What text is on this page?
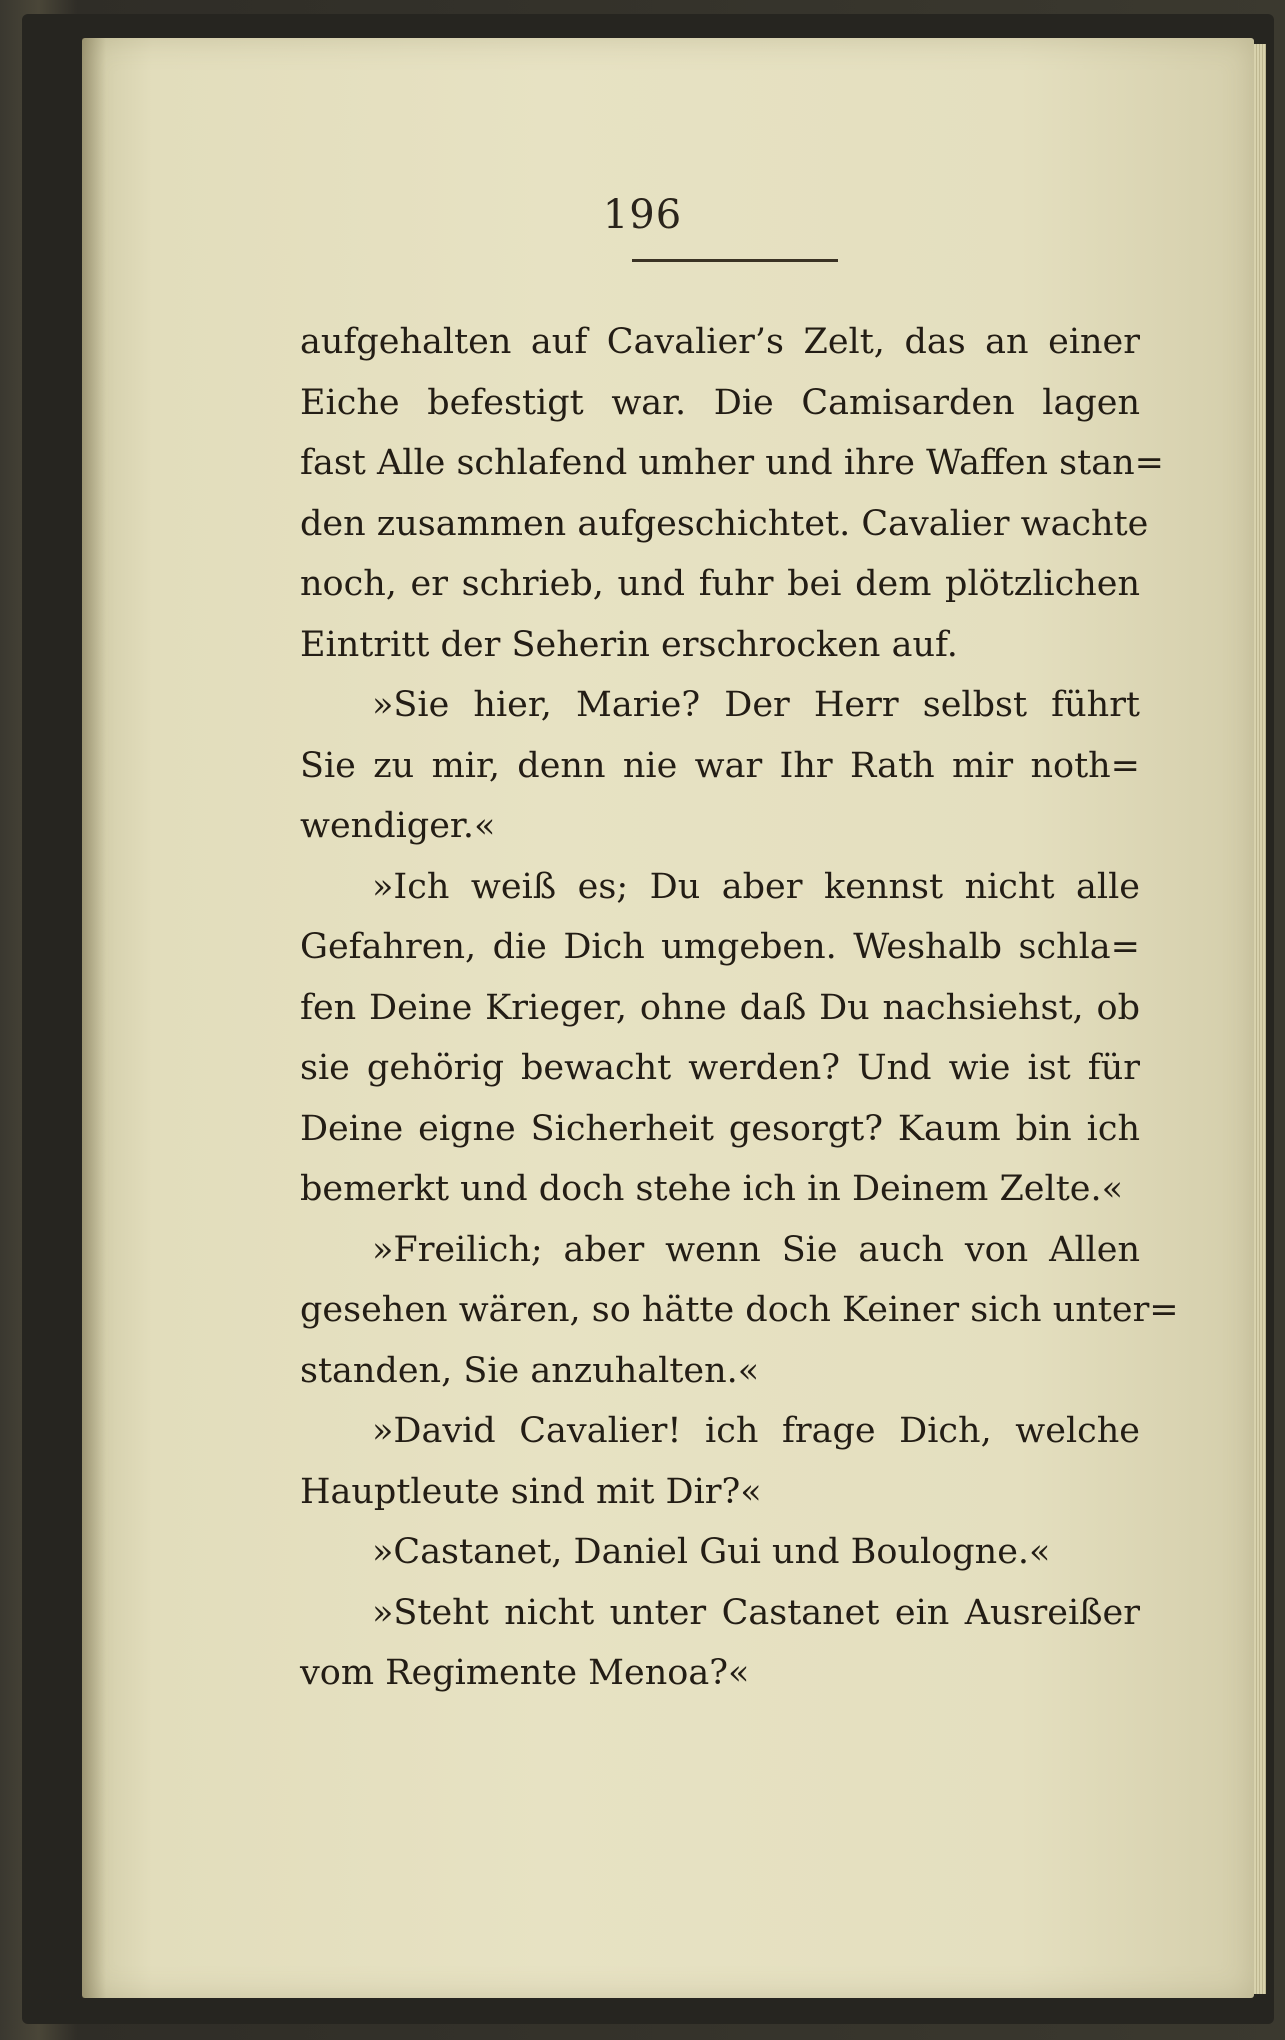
196
aufgehalten auf Cavalier’s Zelt, das an einer
Eiche befestigt war. Die Camisarden lagen
fast Alle schlafend umher und ihre Waffen stan=
den zusammen aufgeschichtet. Cavalier wachte
noch, er schrieb, und fuhr bei dem plötzlichen
Eintritt der Seherin erschrocken auf.
»Sie hier, Marie? Der Herr selbst führt
Sie zu mir, denn nie war Ihr Rath mir noth=
wendiger.«
»Ich weiß es; Du aber kennst nicht alle
Gefahren, die Dich umgeben. Weshalb schla=
fen Deine Krieger, ohne daß Du nachsiehst, ob
sie gehörig bewacht werden? Und wie ist für
Deine eigne Sicherheit gesorgt? Kaum bin ich
bemerkt und doch stehe ich in Deinem Zelte.«
»Freilich; aber wenn Sie auch von Allen
gesehen wären, so hätte doch Keiner sich unter=
standen, Sie anzuhalten.«
»David Cavalier! ich frage Dich, welche
Hauptleute sind mit Dir?«
»Castanet, Daniel Gui und Boulogne.«
»Steht nicht unter Castanet ein Ausreißer
vom Regimente Menoa?«
